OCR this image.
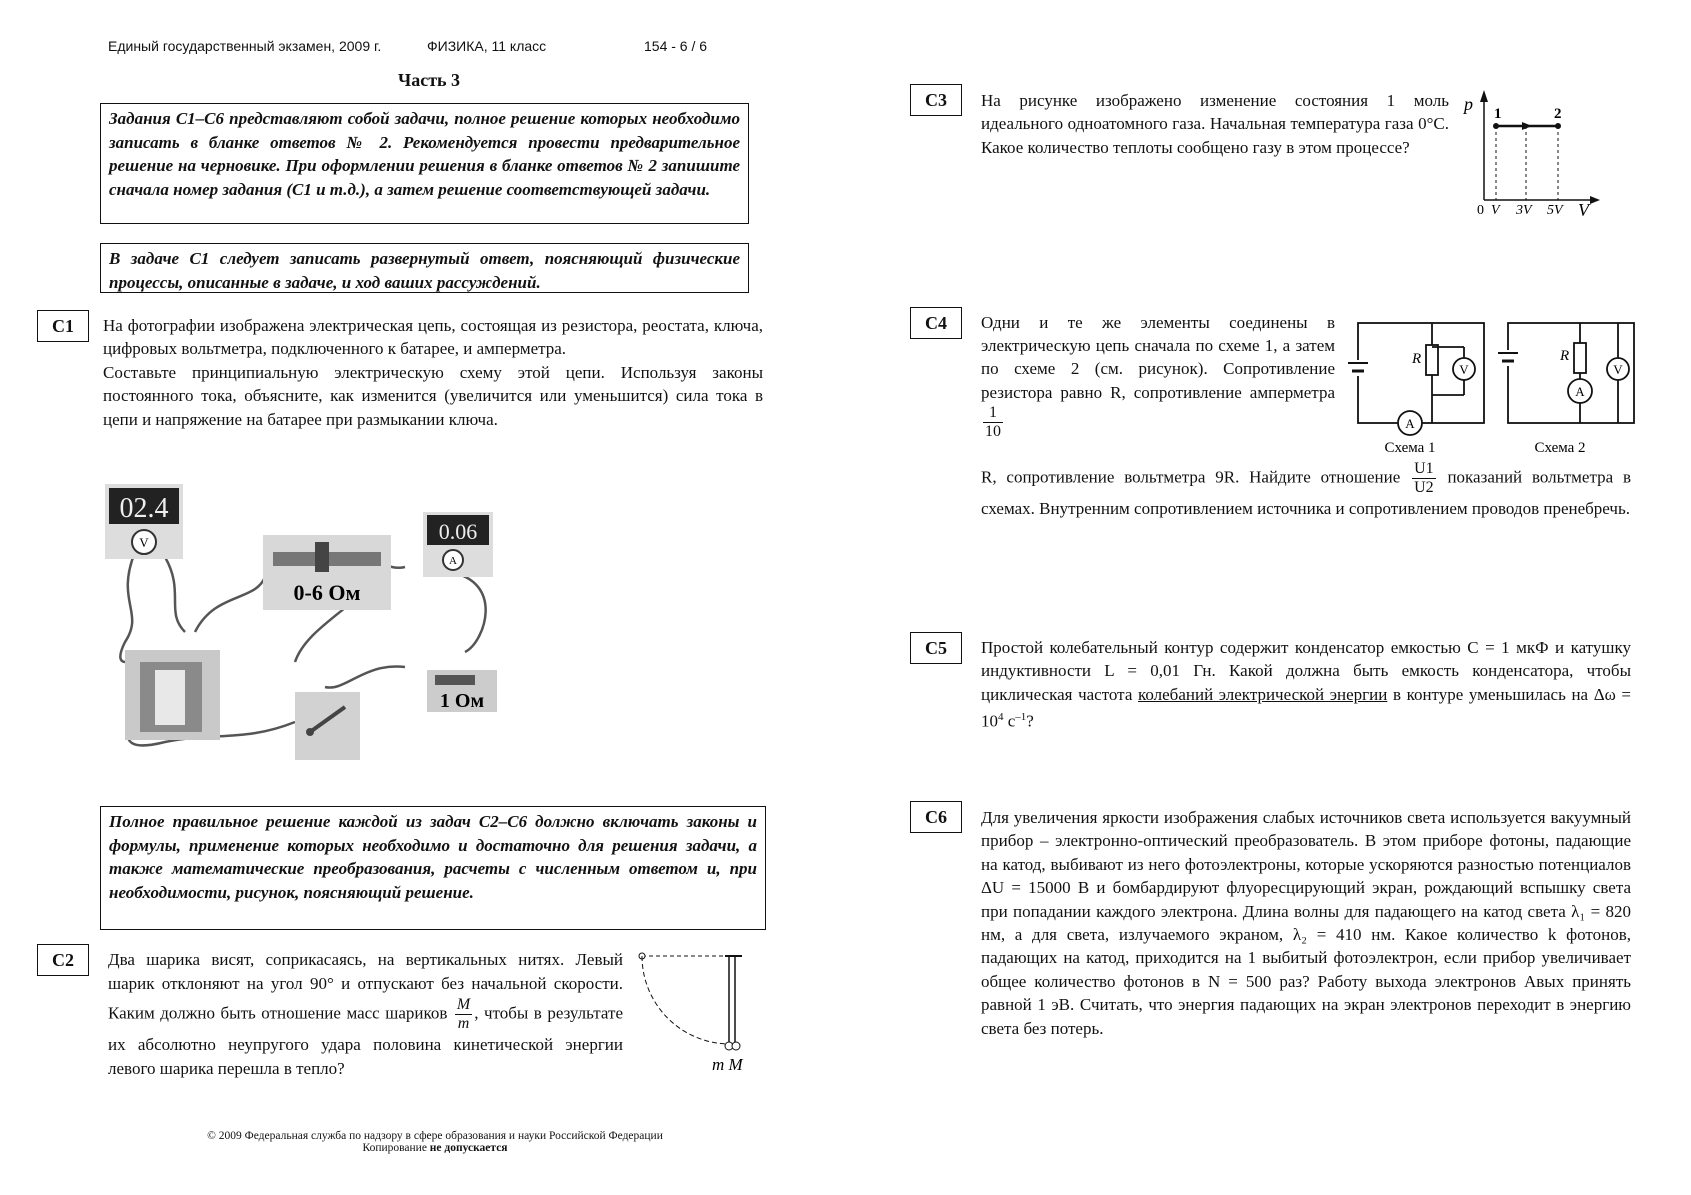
Единый государственный экзамен, 2009 г.	ФИЗИКА, 11 класс	154 - 6 / 6
Часть 3
Задания С1–С6 представляют собой задачи, полное решение которых необходимо записать в бланке ответов № 2. Рекомендуется провести предварительное решение на черновике. При оформлении решения в бланке ответов № 2 запишите сначала номер задания (С1 и т.д.), а затем решение соответствующей задачи.
В задаче С1 следует записать развернутый ответ, поясняющий физические процессы, описанные в задаче, и ход ваших рассуждений.
С1	На фотографии изображена электрическая цепь, состоящая из резистора, реостата, ключа, цифровых вольтметра, подключенного к батарее, и амперметра.

Составьте принципиальную электрическую схему этой цепи. Используя законы постоянного тока, объясните, как изменится (увеличится или уменьшится) сила тока в цепи и напряжение на батарее при размыкании ключа.

02.4
V
0-6 Ом
0.06
A
1 Ом
Полное правильное решение каждой из задач С2–С6 должно включать законы и формулы, применение которых необходимо и достаточно для решения задачи, а также математические преобразования, расчеты с численным ответом и, при необходимости, рисунок, поясняющий решение.
С2	Два шарика висят, соприкасаясь, на вертикальных нитях. Левый шарик отклоняют на угол 90° и отпускают без начальной скорости. Каким должно быть отношение масс шариков $\frac{M}{m}$ , чтобы в результате их абсолютно неупругого удара половина кинетической энергии левого шарика перешла в тепло?	m M
© 2009 Федеральная служба по надзору в сфере образования и науки Российской Федерации
Копирование не допускается
С3	На рисунке изображено изменение состояния 1 моль идеального одноатомного газа. Начальная температура газа 0°С. Какое количество теплоты сообщено газу в этом процессе?
p
V
1	2
0 V 3V 5V
С4	Одни и те же элементы соединены в электрическую цепь сначала по схеме 1, а затем по схеме 2 (см. рисунок). Сопротивление резистора равно R, сопротивление амперметра
$\frac{1}{10}$
R, сопротивление вольтметра 9R. Найдите отношение $\frac{U1}{U2}$ показаний вольтметра в схемах. Внутренним сопротивлением источника и сопротивлением проводов пренебречь.
R
V
A
Схема 1
R
A
V
Схема 2
С5	Простой колебательный контур содержит конденсатор емкостью C = 1 мкФ и катушку индуктивности L = 0,01 Гн. Какой должна быть емкость конденсатора, чтобы циклическая частота колебаний электрической энергии в контуре уменьшилась на $\Delta\omega = 10^4$ $с^{-1}$?
С6	Для увеличения яркости изображения слабых источников света используется вакуумный прибор – электронно-оптический преобразователь. В этом приборе фотоны, падающие на катод, выбивают из него фотоэлектроны, которые ускоряются разностью потенциалов ΔU = 15000 В и бомбардируют флуоресцирующий экран, рождающий вспышку света при попадании каждого электрона. Длина волны для падающего на катод света λ₁ = 820 нм, а для света, излучаемого экраном, λ₂ = 410 нм. Какое количество k фотонов, падающих на катод, приходится на 1 выбитый фотоэлектрон, если прибор увеличивает общее количество фотонов в N = 500 раз? Работу выхода электронов Aвых принять равной 1 эВ. Считать, что энергия падающих на экран электронов переходит в энергию света без потерь.
